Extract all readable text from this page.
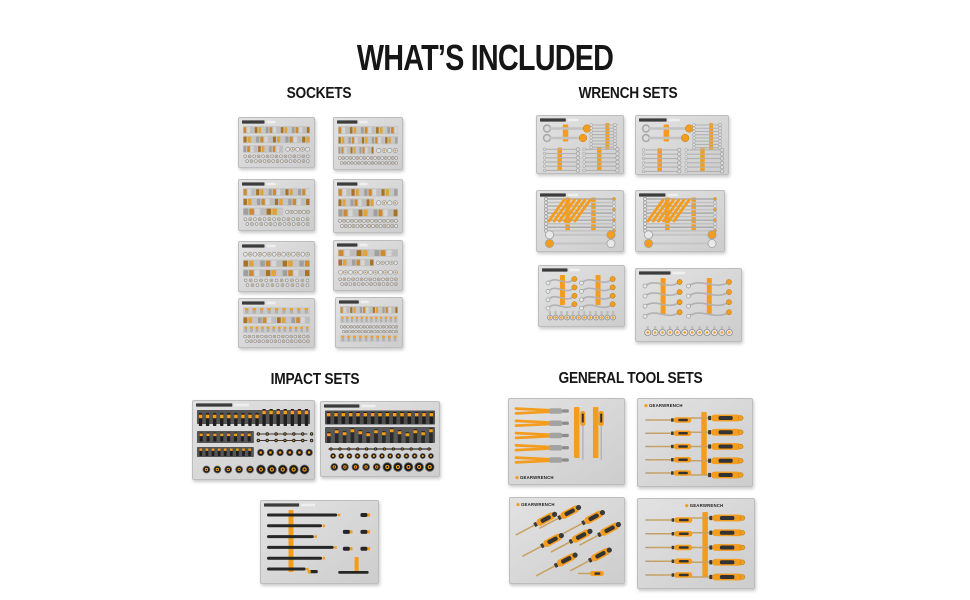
WHAT’S INCLUDED
SOCKETS	WRENCH SETS
IMPACT SETS	GENERAL TOOL SETS
GEARWRENCH
GEARWRENCH
GEARWRENCH	GEARWRENCH
